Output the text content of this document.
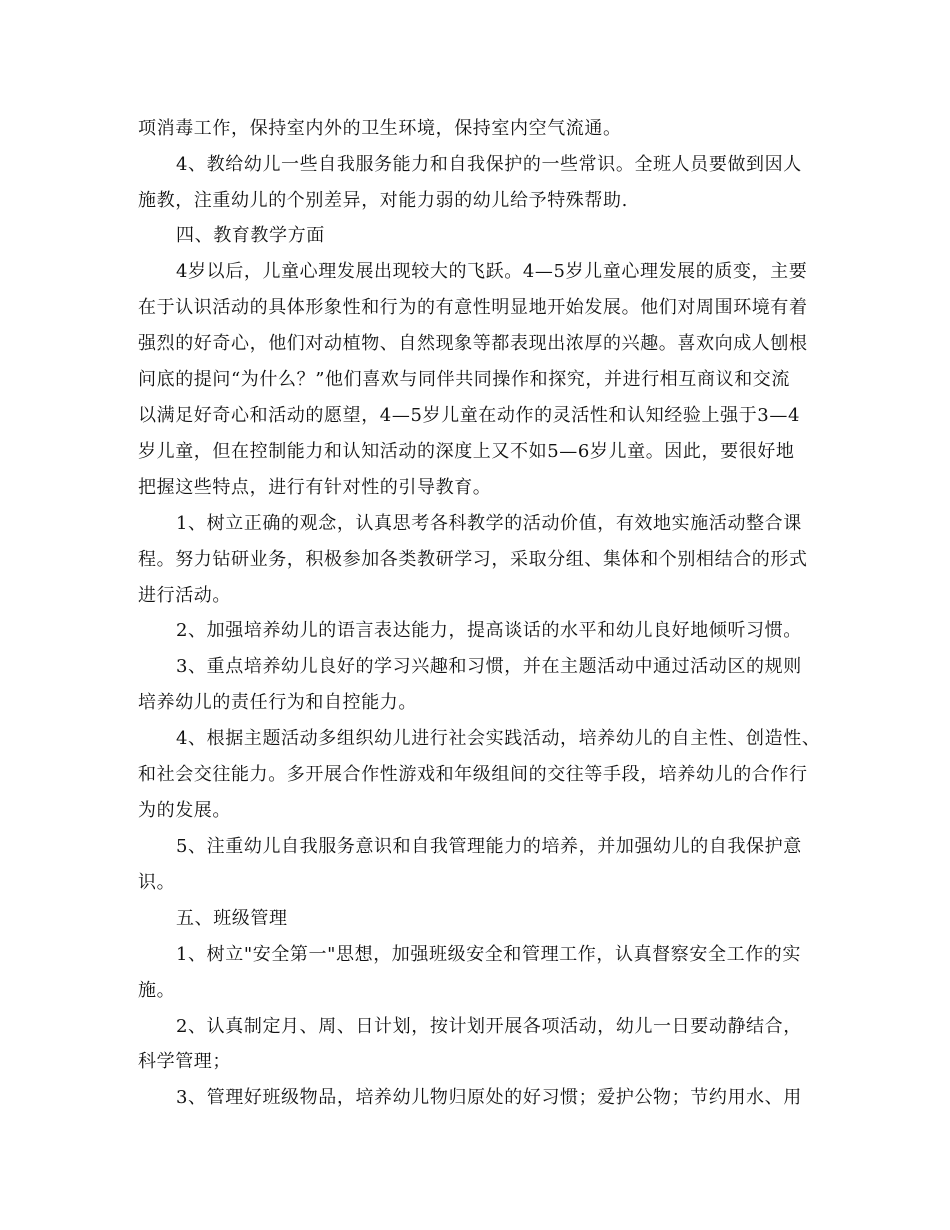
项消毒工作，保持室内外的卫生环境，保持室内空气流通。

4、教给幼儿一些自我服务能力和自我保护的一些常识。全班人员要做到因人

施教，注重幼儿的个别差异，对能力弱的幼儿给予特殊帮助.

四、教育教学方面

4岁以后，儿童心理发展出现较大的飞跃。4—5岁儿童心理发展的质变，主要

在于认识活动的具体形象性和行为的有意性明显地开始发展。他们对周围环境有着

强烈的好奇心，他们对动植物、自然现象等都表现出浓厚的兴趣。喜欢向成人刨根

问底的提问“为什么？”他们喜欢与同伴共同操作和探究，并进行相互商议和交流

以满足好奇心和活动的愿望，4—5岁儿童在动作的灵活性和认知经验上强于3—4

岁儿童，但在控制能力和认知活动的深度上又不如5—6岁儿童。因此，要很好地

把握这些特点，进行有针对性的引导教育。

1、树立正确的观念，认真思考各科教学的活动价值，有效地实施活动整合课

程。努力钻研业务，积极参加各类教研学习，采取分组、集体和个别相结合的形式

进行活动。

2、加强培养幼儿的语言表达能力，提高谈话的水平和幼儿良好地倾听习惯。

3、重点培养幼儿良好的学习兴趣和习惯，并在主题活动中通过活动区的规则

培养幼儿的责任行为和自控能力。

4、根据主题活动多组织幼儿进行社会实践活动，培养幼儿的自主性、创造性、

和社会交往能力。多开展合作性游戏和年级组间的交往等手段，培养幼儿的合作行

为的发展。

5、注重幼儿自我服务意识和自我管理能力的培养，并加强幼儿的自我保护意

识。

五、班级管理

1、树立"安全第一"思想，加强班级安全和管理工作，认真督察安全工作的实

施。

2、认真制定月、周、日计划，按计划开展各项活动，幼儿一日要动静结合，

科学管理；

3、管理好班级物品，培养幼儿物归原处的好习惯；爱护公物；节约用水、用
